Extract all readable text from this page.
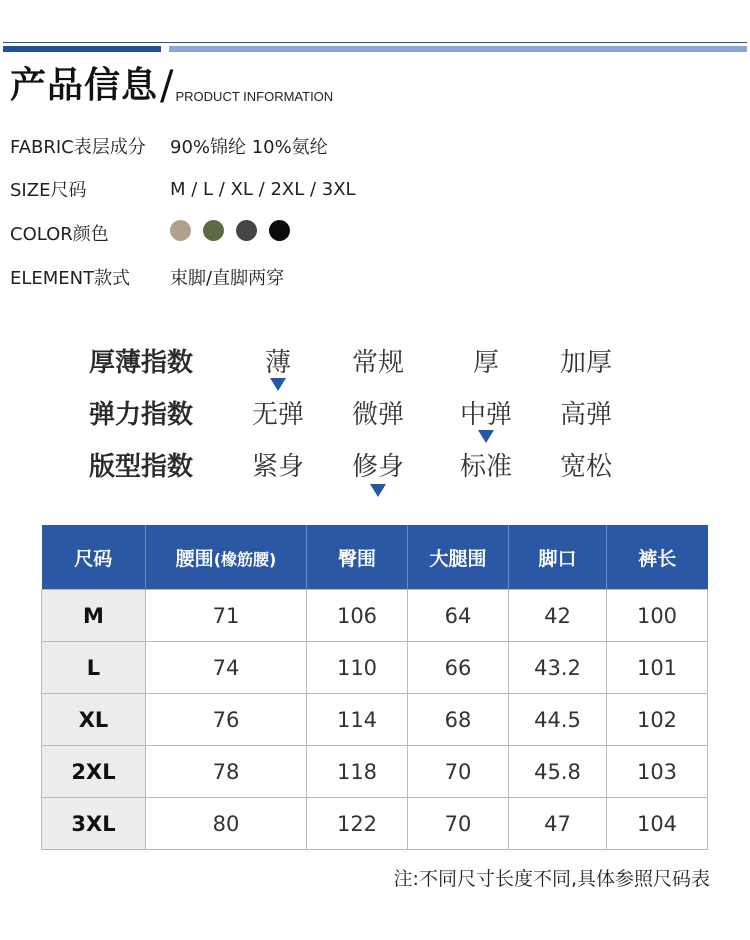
产品信息 / PRODUCT INFORMATION
FABRIC表层成分	90%锦纶 10%氨纶
SIZE尺码	M / L / XL / 2XL / 3XL
COLOR颜色
ELEMENT款式	束脚/直脚两穿
厚薄指数	薄	常规	厚	加厚
弹力指数	无弹	微弹	中弹	高弹
版型指数	紧身	修身	标准	宽松
尺码	腰围(橡筋腰)	臀围	大腿围	脚口	裤长
M	71	106	64	42	100
L	74	110	66	43.2	101
XL	76	114	68	44.5	102
2XL	78	118	70	45.8	103
3XL	80	122	70	47	104
注:不同尺寸长度不同,具体参照尺码表
